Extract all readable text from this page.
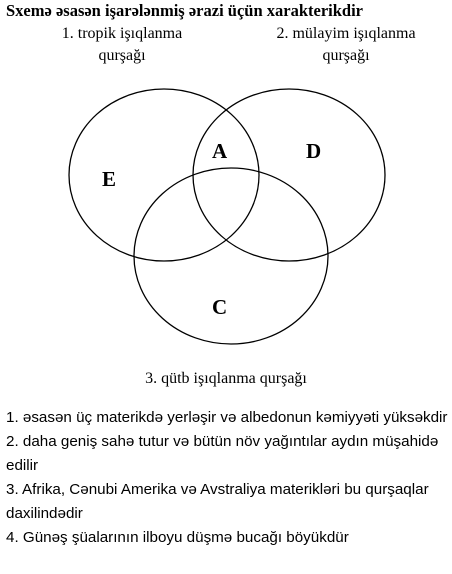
Sxemə əsasən işarələnmiş ərazi üçün xarakterikdir
1. tropik işıqlanma
qurşağı
2. mülayim işıqlanma
qurşağı
A	D
E
C
3. qütb işıqlanma qurşağı

1. əsasən üç materikdə yerləşir və albedonun kəmiyyəti yüksəkdir

2. daha geniş sahə tutur və bütün növ yağıntılar aydın müşahidə edilir

3. Afrika, Cənubi Amerika və Avstraliya materikləri bu qurşaqlar daxilindədir

4. Günəş şüalarının ilboyu düşmə bucağı böyükdür
